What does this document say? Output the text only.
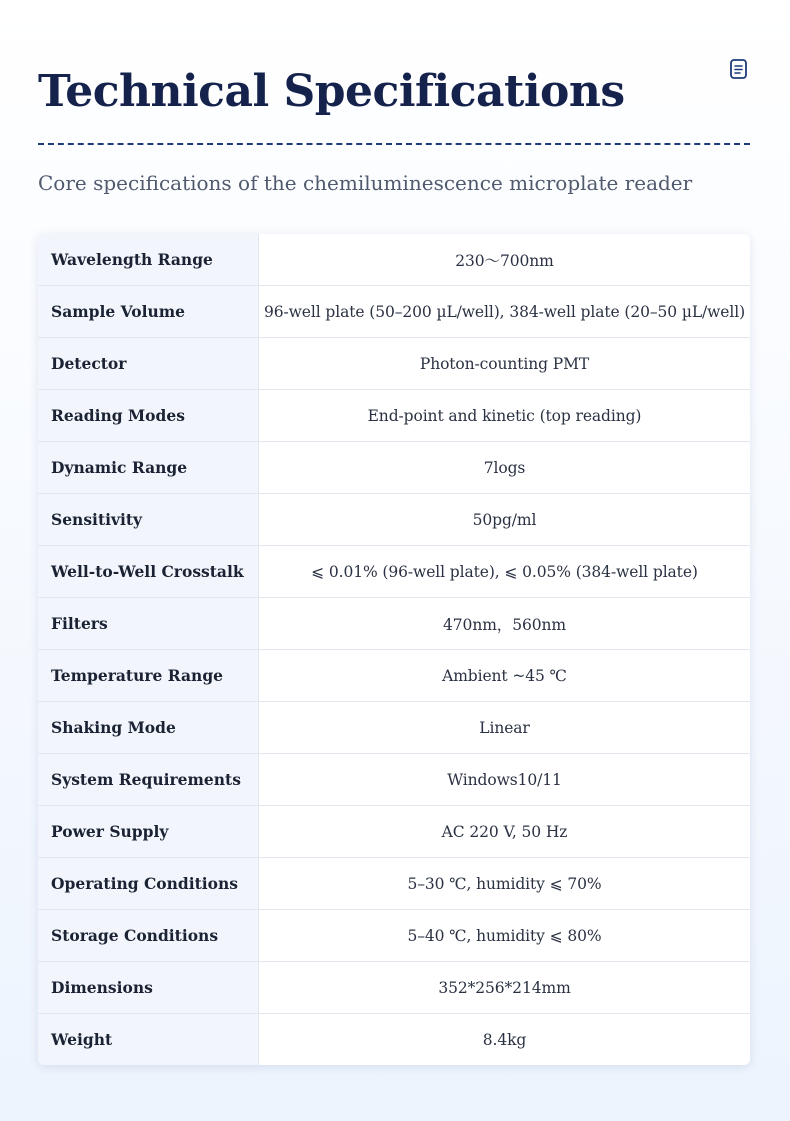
Technical Specifications

Core specifications of the chemiluminescence microplate reader

Wavelength Range	230～700nm
Sample Volume	96-well plate (50–200 µL/well), 384-well plate (20–50 µL/well)
Detector	Photon-counting PMT
Reading Modes	End-point and kinetic (top reading)
Dynamic Range	7logs
Sensitivity	50pg/ml
Well-to-Well Crosstalk	⩽ 0.01% (96-well plate), ⩽ 0.05% (384-well plate)
Filters	470nm，560nm
Temperature Range	Ambient ~45 ℃
Shaking Mode	Linear
System Requirements	Windows10/11
Power Supply	AC 220 V, 50 Hz
Operating Conditions	5–30 ℃, humidity ⩽ 70%
Storage Conditions	5–40 ℃, humidity ⩽ 80%
Dimensions	352*256*214mm
Weight	8.4kg
